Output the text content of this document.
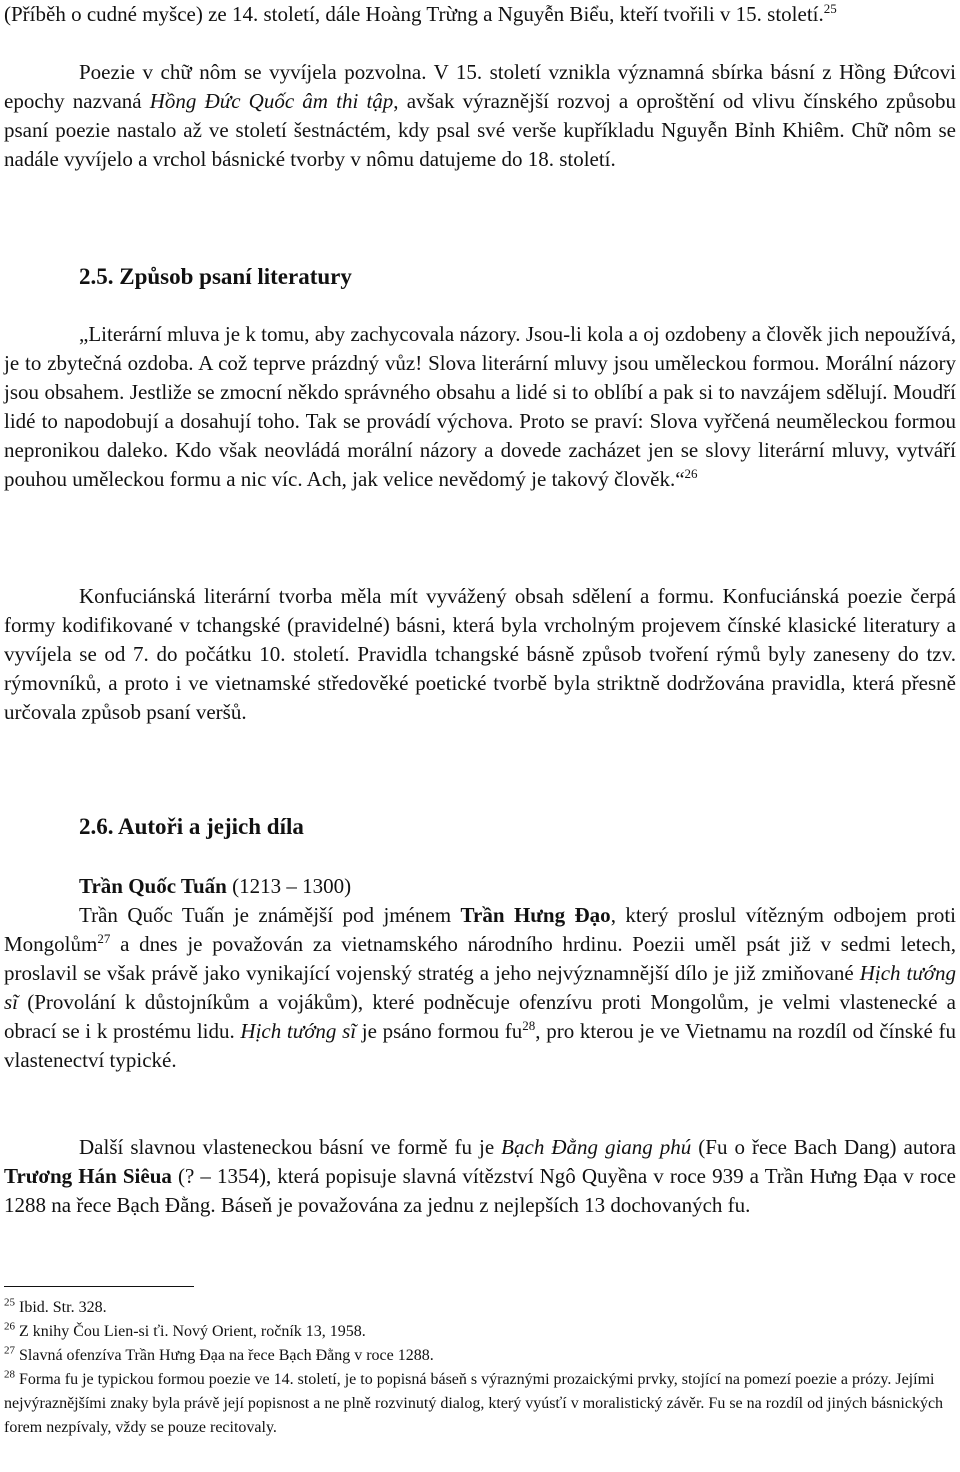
(Příběh o cudné myšce) ze 14. století, dále Hoàng Trừng a Nguyễn Biểu, kteří tvořili v 15. století.$^{25}$

Poezie v chữ nôm se vyvíjela pozvolna. V 15. století vznikla významná sbírka básní z Hồng Đứcovi epochy nazvaná Hồng Đức Quốc âm thi tập, avšak výraznější rozvoj a oproštění od vlivu čínského způsobu psaní poezie nastalo až ve století šestnáctém, kdy psal své verše kupříkladu Nguyễn Bỉnh Khiêm. Chữ nôm se nadále vyvíjelo a vrchol básnické tvorby v nômu datujeme do 18. století.

2.5. Způsob psaní literatury

„Literární mluva je k tomu, aby zachycovala názory. Jsou-li kola a oj ozdobeny a člověk jich nepoužívá, je to zbytečná ozdoba. A což teprve prázdný vůz! Slova literární mluvy jsou uměleckou formou. Morální názory jsou obsahem. Jestliže se zmocní někdo správného obsahu a lidé si to oblíbí a pak si to navzájem sdělují. Moudří lidé to napodobují a dosahují toho. Tak se provádí výchova. Proto se praví: Slova vyřčená neuměleckou formou nepronikou daleko. Kdo však neovládá morální názory a dovede zacházet jen se slovy literární mluvy, vytváří pouhou uměleckou formu a nic víc. Ach, jak velice nevědomý je takový člověk.“$^{26}$

Konfuciánská literární tvorba měla mít vyvážený obsah sdělení a formu. Konfuciánská poezie čerpá formy kodifikované v tchangské (pravidelné) básni, která byla vrcholným projevem čínské klasické literatury a vyvíjela se od 7. do počátku 10. století. Pravidla tchangské básně způsob tvoření rýmů byly zaneseny do tzv. rýmovníků, a proto i ve vietnamské středověké poetické tvorbě byla striktně dodržována pravidla, která přesně určovala způsob psaní veršů.

2.6. Autoři a jejich díla

Trần Quốc Tuấn (1213 – 1300)

Trần Quốc Tuấn je známější pod jménem Trần Hưng Đạo, který proslul vítězným odbojem proti Mongolům$^{27}$ a dnes je považován za vietnamského národního hrdinu. Poezii uměl psát již v sedmi letech, proslavil se však právě jako vynikající vojenský stratég a jeho nejvýznamnější dílo je již zmiňované Hịch tướng sĩ (Provolání k důstojníkům a vojákům), které podněcuje ofenzívu proti Mongolům, je velmi vlastenecké a obrací se i k prostému lidu. Hịch tướng sĩ je psáno formou $fu^{28}$, pro kterou je ve Vietnamu na rozdíl od čínské fu vlastenectví typické.

Další slavnou vlasteneckou básní ve formě fu je Bạch Đằng giang phú (Fu o řece Bach Dang) autora Trương Hán Siêua (? – 1354), která popisuje slavná vítězství Ngô Quyềna v roce 939 a Trần Hưng Đạa v roce 1288 na řece Bạch Đằng. Báseň je považována za jednu z nejlepších 13 dochovaných fu.

$^{25}$ Ibid. Str. 328.

$^{26}$ Z knihy Čou Lien-si ťi. Nový Orient, ročník 13, 1958.

$^{27}$ Slavná ofenzíva Trần Hưng Đạa na řece Bạch Đằng v roce 1288.

$^{28}$ Forma fu je typickou formou poezie ve 14. století, je to popisná báseň s výraznými prozaickými prvky, stojící na pomezí poezie a prózy. Jejími nejvýraznějšími znaky byla právě její popisnost a ne plně rozvinutý dialog, který vyúsťí v moralistický závěr. Fu se na rozdíl od jiných básnických forem nezpívaly, vždy se pouze recitovaly.
